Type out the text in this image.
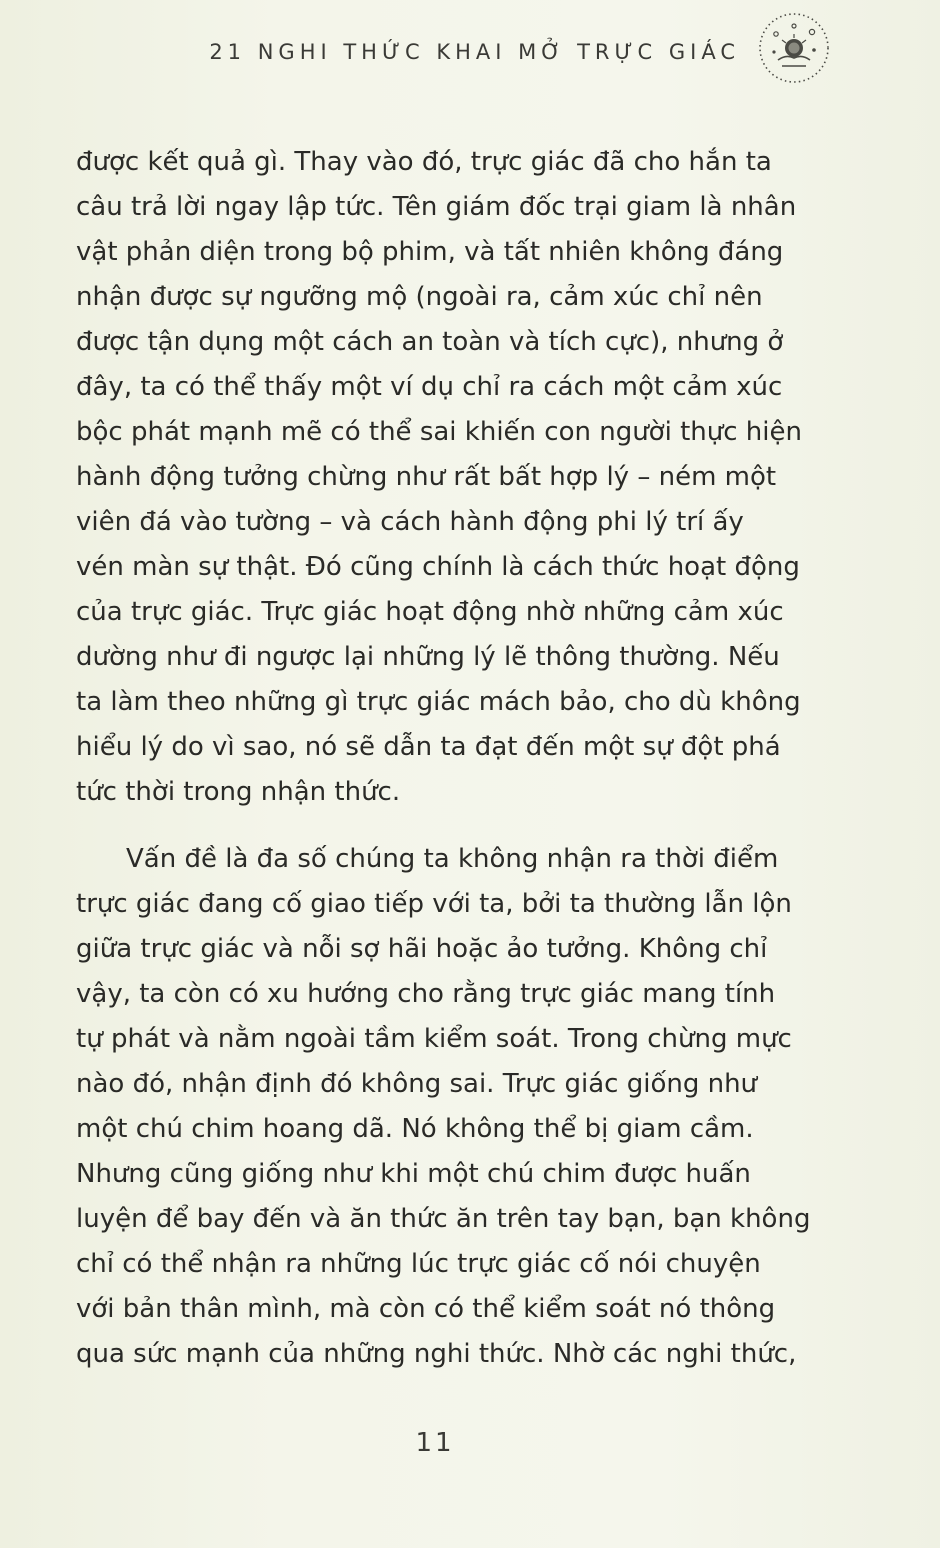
21 NGHI THỨC KHAI MỞ TRỰC GIÁC

được kết quả gì. Thay vào đó, trực giác đã cho hắn ta
câu trả lời ngay lập tức. Tên giám đốc trại giam là nhân
vật phản diện trong bộ phim, và tất nhiên không đáng
nhận được sự ngưỡng mộ (ngoài ra, cảm xúc chỉ nên
được tận dụng một cách an toàn và tích cực), nhưng ở
đây, ta có thể thấy một ví dụ chỉ ra cách một cảm xúc
bộc phát mạnh mẽ có thể sai khiến con người thực hiện
hành động tưởng chừng như rất bất hợp lý – ném một
viên đá vào tường – và cách hành động phi lý trí ấy
vén màn sự thật. Đó cũng chính là cách thức hoạt động
của trực giác. Trực giác hoạt động nhờ những cảm xúc
dường như đi ngược lại những lý lẽ thông thường. Nếu
ta làm theo những gì trực giác mách bảo, cho dù không
hiểu lý do vì sao, nó sẽ dẫn ta đạt đến một sự đột phá
tức thời trong nhận thức.

Vấn đề là đa số chúng ta không nhận ra thời điểm
trực giác đang cố giao tiếp với ta, bởi ta thường lẫn lộn
giữa trực giác và nỗi sợ hãi hoặc ảo tưởng. Không chỉ
vậy, ta còn có xu hướng cho rằng trực giác mang tính
tự phát và nằm ngoài tầm kiểm soát. Trong chừng mực
nào đó, nhận định đó không sai. Trực giác giống như
một chú chim hoang dã. Nó không thể bị giam cầm.
Nhưng cũng giống như khi một chú chim được huấn
luyện để bay đến và ăn thức ăn trên tay bạn, bạn không
chỉ có thể nhận ra những lúc trực giác cố nói chuyện
với bản thân mình, mà còn có thể kiểm soát nó thông
qua sức mạnh của những nghi thức. Nhờ các nghi thức,

11
